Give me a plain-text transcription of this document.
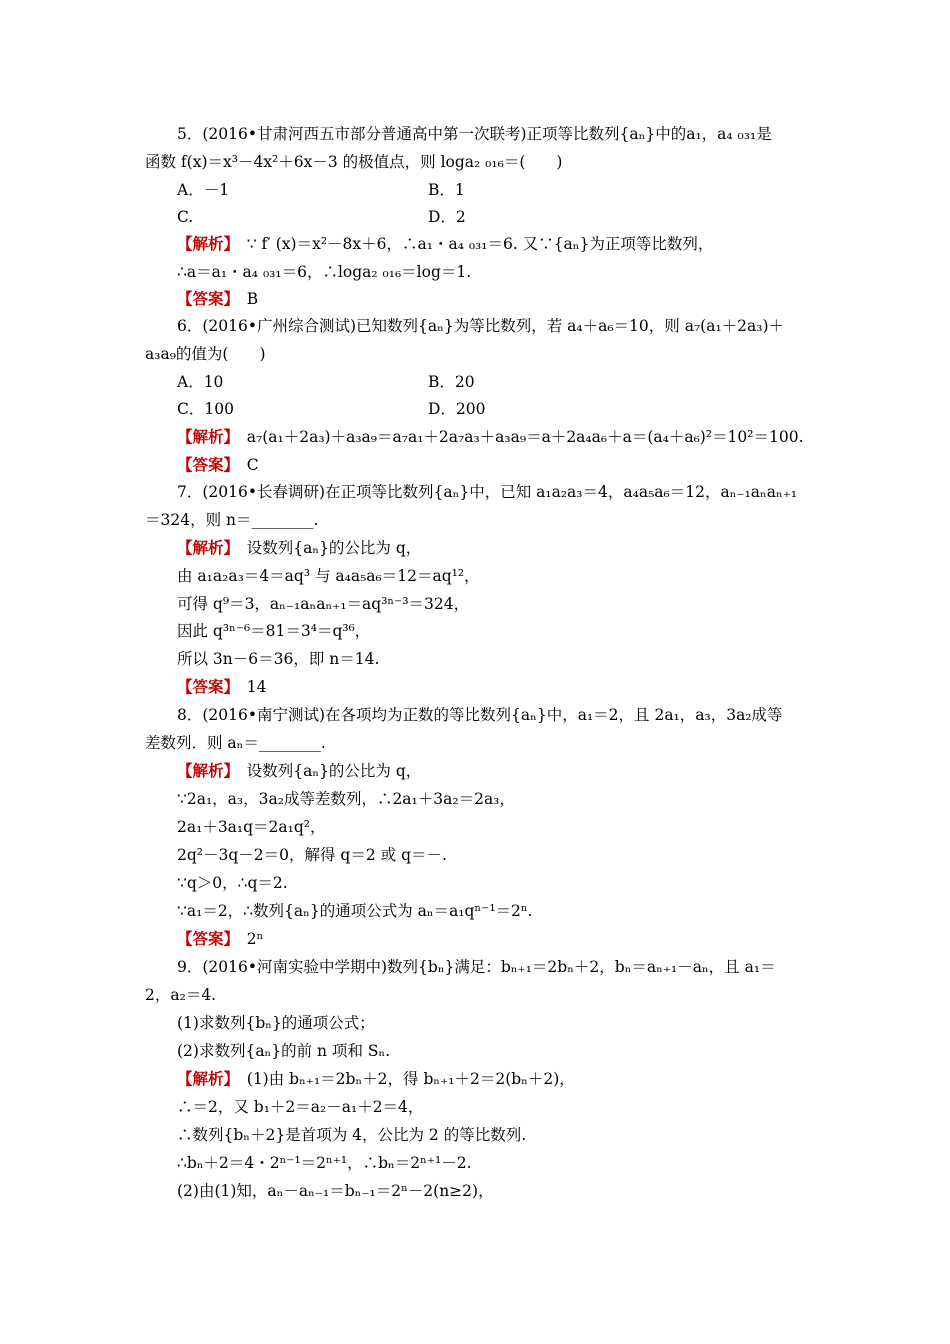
5．(2016•甘肃河西五市部分普通高中第一次联考)正项等比数列{aₙ}中的a₁，a₄ ₀₃₁是
函数 f(x)＝x³－4x²＋6x－3 的极值点，则 loga₂ ₀₁₆＝(　　)
A．－1	B．1
C.	D．2
【解析】  ∵ f′ (x)＝x²－8x＋6，∴a₁・a₄ ₀₃₁＝6. 又∵{aₙ}为正项等比数列，
∴a＝a₁・a₄ ₀₃₁＝6，∴loga₂ ₀₁₆＝log＝1.
【答案】  B
6．(2016•广州综合测试)已知数列{aₙ}为等比数列，若 a₄＋a₆＝10，则 a₇(a₁＋2a₃)＋
a₃a₉的值为(　　)
A．10	B．20
C．100	D．200
【解析】  a₇(a₁＋2a₃)＋a₃a₉＝a₇a₁＋2a₇a₃＋a₃a₉＝a＋2a₄a₆＋a＝(a₄＋a₆)²＝10²＝100.
【答案】  C
7．(2016•长春调研)在正项等比数列{aₙ}中，已知 a₁a₂a₃＝4，a₄a₅a₆＝12，aₙ₋₁aₙaₙ₊₁
＝324，则 n＝________.
【解析】  设数列{aₙ}的公比为 q，
由 a₁a₂a₃＝4＝aq³ 与 a₄a₅a₆＝12＝aq¹²，
可得 q⁹＝3，aₙ₋₁aₙaₙ₊₁＝aq³ⁿ⁻³＝324，
因此 q³ⁿ⁻⁶＝81＝3⁴＝q³⁶，
所以 3n－6＝36，即 n＝14.
【答案】  14
8．(2016•南宁测试)在各项均为正数的等比数列{aₙ}中，a₁＝2，且 2a₁，a₃，3a₂成等
差数列．则 aₙ＝________.
【解析】  设数列{aₙ}的公比为 q，
∵2a₁，a₃，3a₂成等差数列，∴2a₁＋3a₂＝2a₃，
2a₁＋3a₁q＝2a₁q²，
2q²－3q－2＝0，解得 q＝2 或 q＝－.
∵q＞0，∴q＝2.
∵a₁＝2，∴数列{aₙ}的通项公式为 aₙ＝a₁qⁿ⁻¹＝2ⁿ.
【答案】  2ⁿ
9．(2016•河南实验中学期中)数列{bₙ}满足：bₙ₊₁＝2bₙ＋2，bₙ＝aₙ₊₁－aₙ，且 a₁＝
2，a₂＝4.
(1)求数列{bₙ}的通项公式；
(2)求数列{aₙ}的前 n 项和 Sₙ.
【解析】  (1)由 bₙ₊₁＝2bₙ＋2，得 bₙ₊₁＋2＝2(bₙ＋2)，
∴＝2，又 b₁＋2＝a₂－a₁＋2＝4，
∴数列{bₙ＋2}是首项为 4，公比为 2 的等比数列.
∴bₙ＋2＝4・2ⁿ⁻¹＝2ⁿ⁺¹，∴bₙ＝2ⁿ⁺¹－2.
(2)由(1)知，aₙ－aₙ₋₁＝bₙ₋₁＝2ⁿ－2(n≥2)，
